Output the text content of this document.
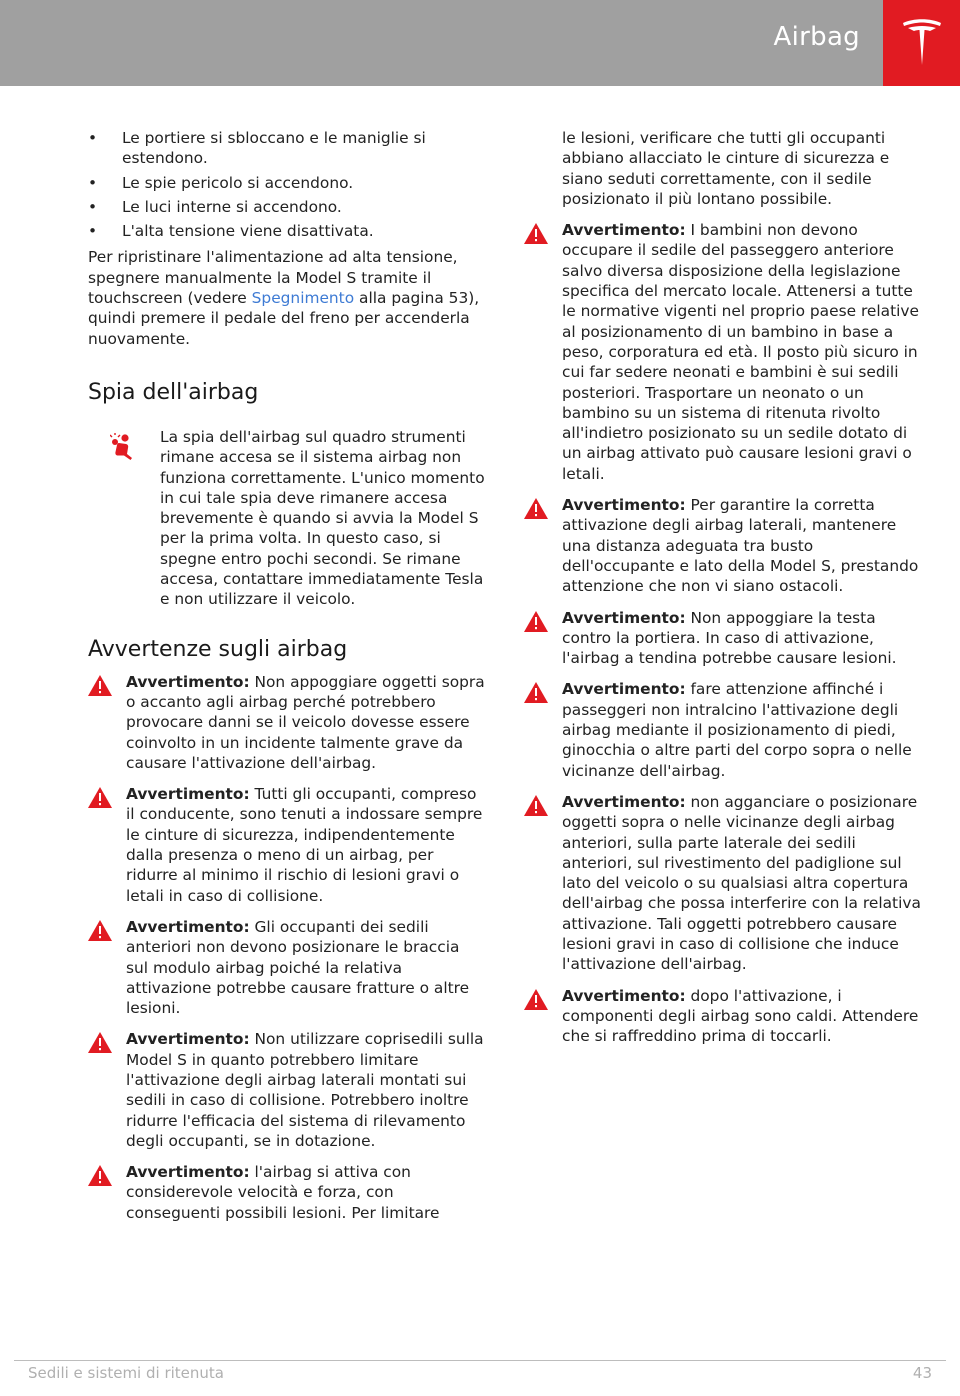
Airbag
•	Le portiere si sbloccano e le maniglie si estendono.
•	Le spie pericolo si accendono.
•	Le luci interne si accendono.
•	L'alta tensione viene disattivata.

Per ripristinare l'alimentazione ad alta tensione, spegnere manualmente la Model S tramite il touchscreen (vedere Spegnimento alla pagina 53), quindi premere il pedale del freno per accenderla nuovamente.

Spia dell'airbag
La spia dell'airbag sul quadro strumenti rimane accesa se il sistema airbag non funziona correttamente. L'unico momento in cui tale spia deve rimanere accesa brevemente è quando si avvia la Model S per la prima volta. In questo caso, si spegne entro pochi secondi. Se rimane accesa, contattare immediatamente Tesla e non utilizzare il veicolo.
Avvertenze sugli airbag
Avvertimento: Non appoggiare oggetti sopra o accanto agli airbag perché potrebbero provocare danni se il veicolo dovesse essere coinvolto in un incidente talmente grave da causare l'attivazione dell'airbag.
Avvertimento: Tutti gli occupanti, compreso il conducente, sono tenuti a indossare sempre le cinture di sicurezza, indipendentemente dalla presenza o meno di un airbag, per ridurre al minimo il rischio di lesioni gravi o letali in caso di collisione.
Avvertimento: Gli occupanti dei sedili anteriori non devono posizionare le braccia sul modulo airbag poiché la relativa attivazione potrebbe causare fratture o altre lesioni.
Avvertimento: Non utilizzare coprisedili sulla Model S in quanto potrebbero limitare l'attivazione degli airbag laterali montati sui sedili in caso di collisione. Potrebbero inoltre ridurre l'efficacia del sistema di rilevamento degli occupanti, se in dotazione.
Avvertimento: l'airbag si attiva con considerevole velocità e forza, con conseguenti possibili lesioni. Per limitare
le lesioni, verificare che tutti gli occupanti abbiano allacciato le cinture di sicurezza e siano seduti correttamente, con il sedile posizionato il più lontano possibile.
Avvertimento: I bambini non devono occupare il sedile del passeggero anteriore salvo diversa disposizione della legislazione specifica del mercato locale. Attenersi a tutte le normative vigenti nel proprio paese relative al posizionamento di un bambino in base a peso, corporatura ed età. Il posto più sicuro in cui far sedere neonati e bambini è sui sedili posteriori. Trasportare un neonato o un bambino su un sistema di ritenuta rivolto all'indietro posizionato su un sedile dotato di un airbag attivato può causare lesioni gravi o letali.
Avvertimento: Per garantire la corretta attivazione degli airbag laterali, mantenere una distanza adeguata tra busto dell'occupante e lato della Model S, prestando attenzione che non vi siano ostacoli.
Avvertimento: Non appoggiare la testa contro la portiera. In caso di attivazione, l'airbag a tendina potrebbe causare lesioni.
Avvertimento: fare attenzione affinché i passeggeri non intralcino l'attivazione degli airbag mediante il posizionamento di piedi, ginocchia o altre parti del corpo sopra o nelle vicinanze dell'airbag.
Avvertimento: non agganciare o posizionare oggetti sopra o nelle vicinanze degli airbag anteriori, sulla parte laterale dei sedili anteriori, sul rivestimento del padiglione sul lato del veicolo o su qualsiasi altra copertura dell'airbag che possa interferire con la relativa attivazione. Tali oggetti potrebbero causare lesioni gravi in caso di collisione che induce l'attivazione dell'airbag.
Avvertimento: dopo l'attivazione, i componenti degli airbag sono caldi. Attendere che si raffreddino prima di toccarli.
Sedili e sistemi di ritenuta	43
